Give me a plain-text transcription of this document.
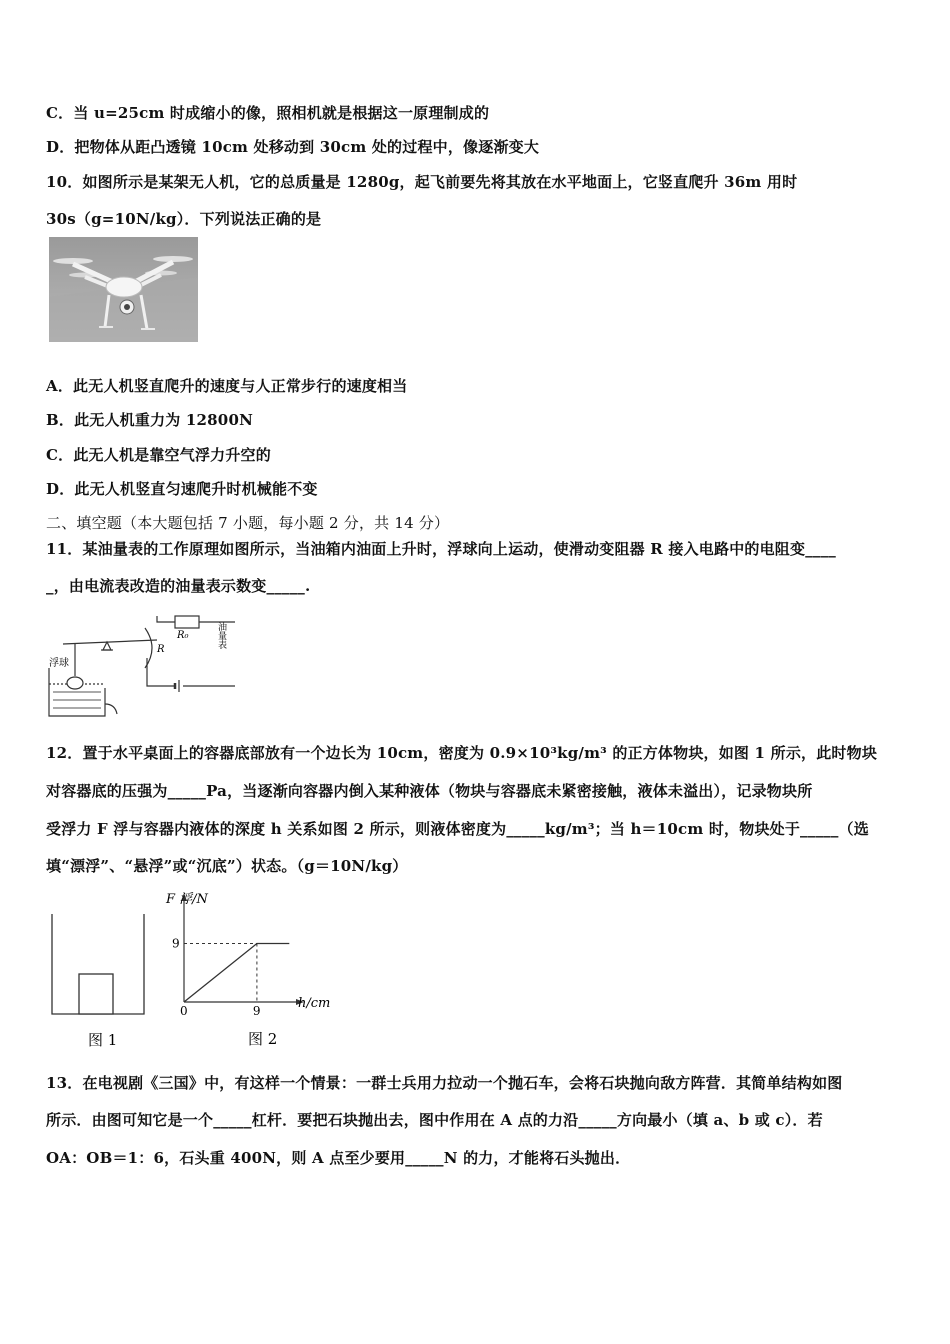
C．当 u=25cm 时成缩小的像，照相机就是根据这一原理制成的
D．把物体从距凸透镜 10cm 处移动到 30cm 处的过程中，像逐渐变大
10．如图所示是某架无人机，它的总质量是 1280g，起飞前要先将其放在水平地面上，它竖直爬升 36m 用时
30s（g=10N/kg）．下列说法正确的是
A．此无人机竖直爬升的速度与人正常步行的速度相当
B．此无人机重力为 12800N
C．此无人机是靠空气浮力升空的
D．此无人机竖直匀速爬升时机械能不变
二、填空题（本大题包括 7 小题，每小题 2 分，共 14 分）
11．某油量表的工作原理如图所示，当油箱内油面上升时，浮球向上运动，使滑动变阻器 R 接入电路中的电阻变____
_，由电流表改造的油量表示数变_____.
R₀
R
浮球
油量表
12．置于水平桌面上的容器底部放有一个边长为 10cm，密度为 0.9×10³kg/m³ 的正方体物块，如图 1 所示，此时物块
对容器底的压强为_____Pa，当逐渐向容器内倒入某种液体（物块与容器底未紧密接触，液体未溢出），记录物块所
受浮力 F 浮与容器内液体的深度 h 关系如图 2 所示，则液体密度为_____kg/m³；当 h＝10cm 时，物块处于_____（选
填“漂浮”、“悬浮”或“沉底”）状态。（g＝10N/kg）
图 1
F 浮/N
h/cm
0
9
9
图 2
13．在电视剧《三国》中，有这样一个情景：一群士兵用力拉动一个抛石车，会将石块抛向敌方阵营．其简单结构如图
所示．由图可知它是一个_____杠杆．要把石块抛出去，图中作用在 A 点的力沿_____方向最小（填 a、b 或 c）．若
OA：OB＝1：6，石头重 400N，则 A 点至少要用_____N 的力，才能将石头抛出．
